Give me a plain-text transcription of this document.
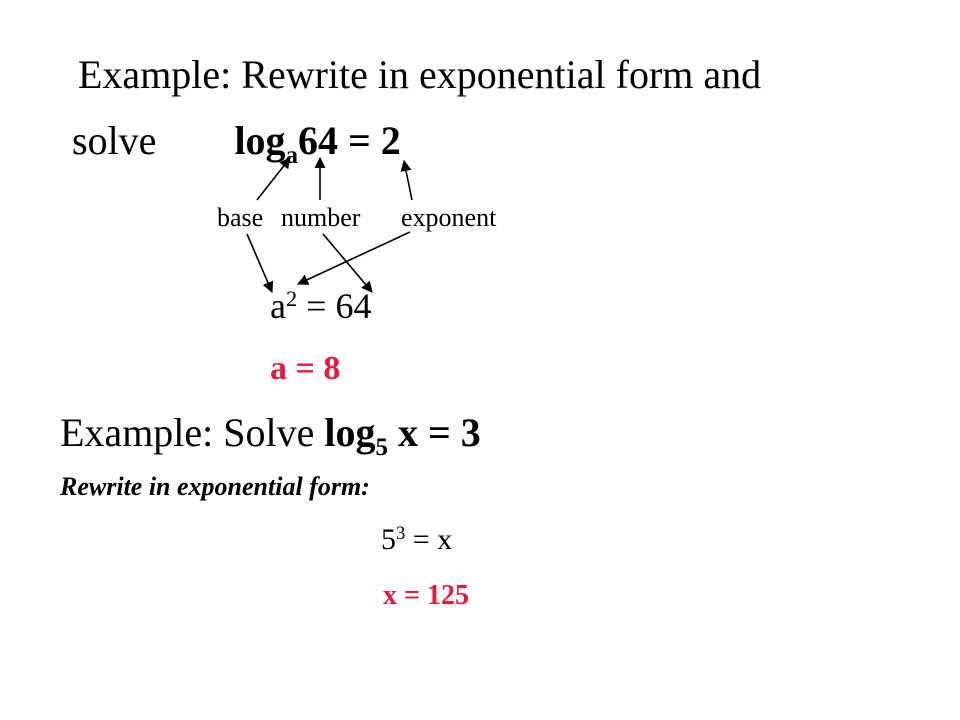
Example: Rewrite in exponential form and
solve $\log_a64 = 2$
base number exponent
$a^2 = 64$
a = 8
Example: Solve $\log_5 x = 3$
Rewrite in exponential form:
$5^3 = x$
x = 125
